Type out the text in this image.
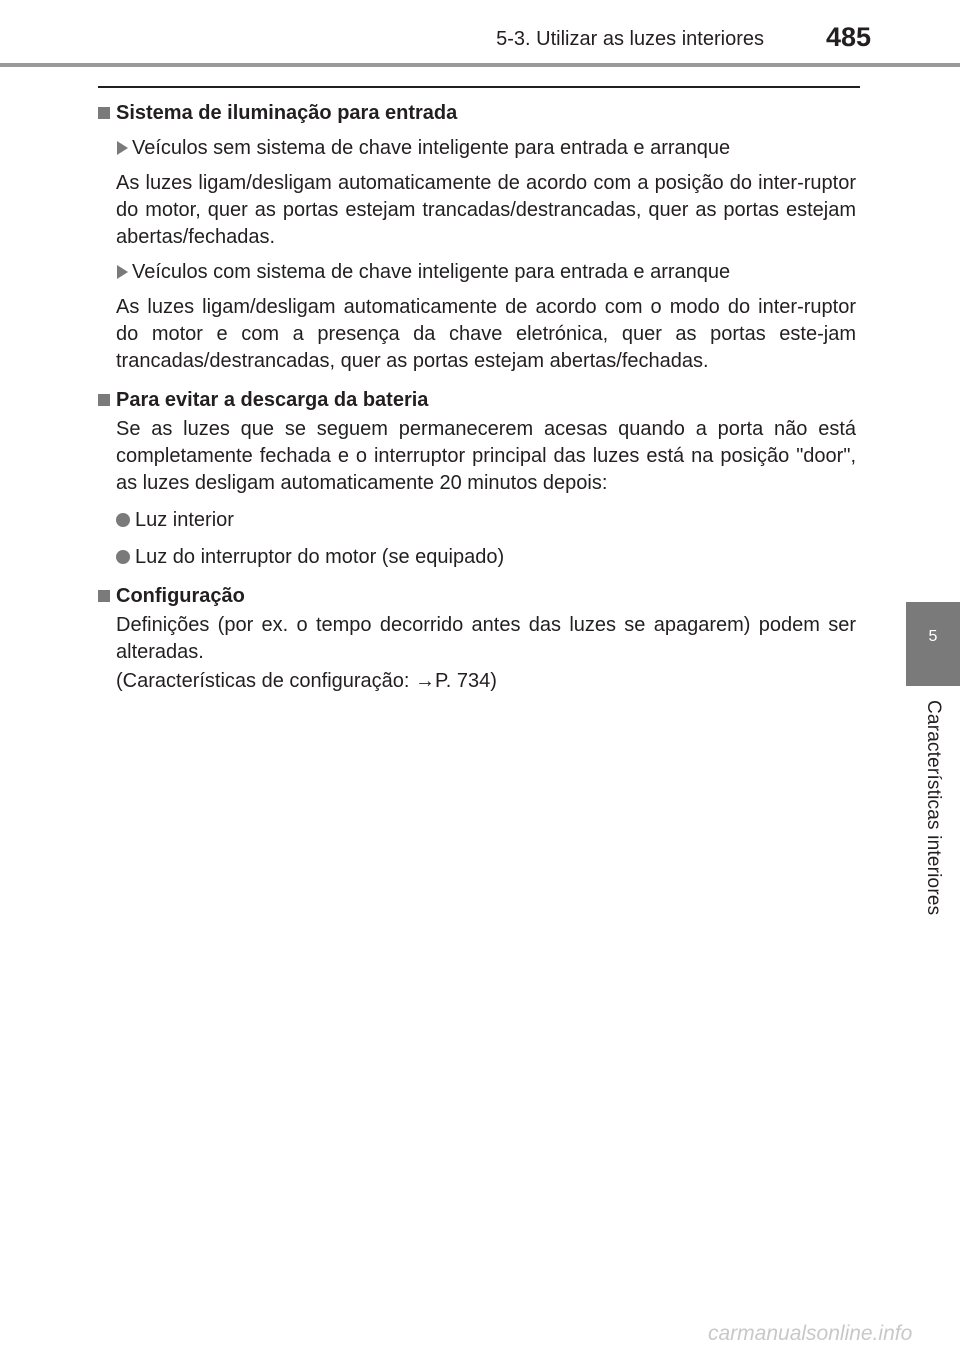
5-3. Utilizar as luzes interiores 485
5
Características interiores

Sistema de iluminação para entrada

Veículos sem sistema de chave inteligente para entrada e arranque
As luzes ligam/desligam automaticamente de acordo com a posição do inter-ruptor do motor, quer as portas estejam trancadas/destrancadas, quer as portas estejam abertas/fechadas.
Veículos com sistema de chave inteligente para entrada e arranque
As luzes ligam/desligam automaticamente de acordo com o modo do inter-ruptor do motor e com a presença da chave eletrónica, quer as portas este-jam trancadas/destrancadas, quer as portas estejam abertas/fechadas.

Para evitar a descarga da bateria

Se as luzes que se seguem permanecerem acesas quando a porta não está completamente fechada e o interruptor principal das luzes está na posição "door", as luzes desligam automaticamente 20 minutos depois:
Luz interior
Luz do interruptor do motor (se equipado)

Configuração

Definições (por ex. o tempo decorrido antes das luzes se apagarem) podem ser alteradas.
(Características de configuração: →P. 734)
carmanualsonline.info
